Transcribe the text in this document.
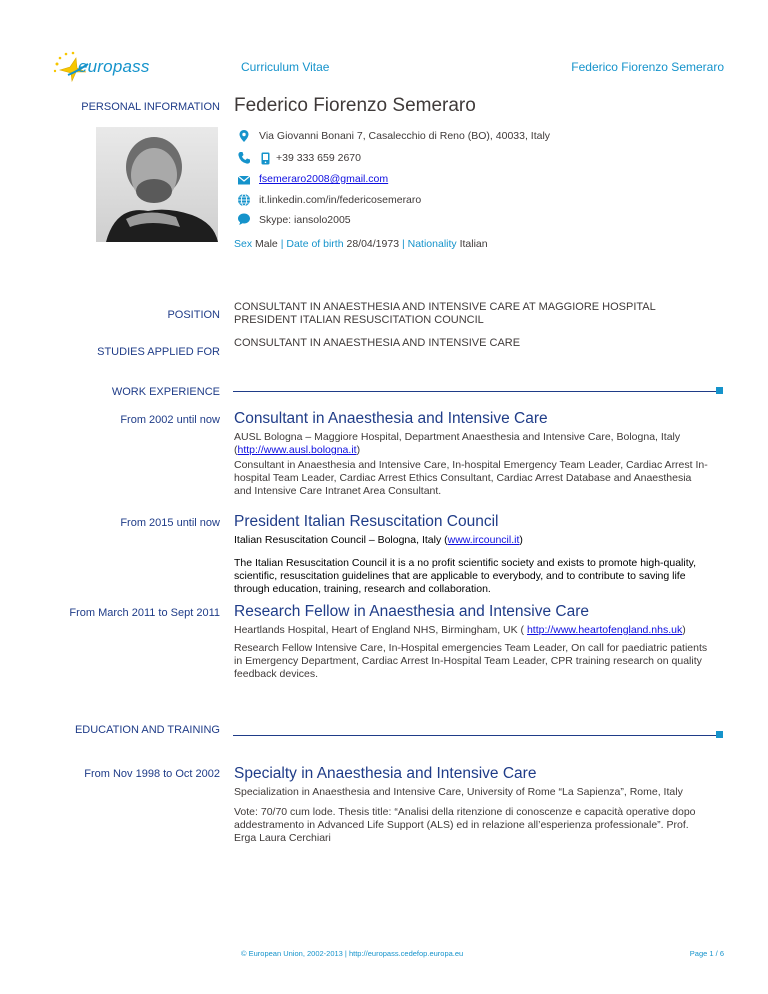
europass	Curriculum Vitae	Federico Fiorenzo Semeraro
PERSONAL INFORMATION Federico Fiorenzo Semeraro
Via Giovanni Bonani 7, Casalecchio di Reno (BO), 40033, Italy
+39 333 659 2670
fsemeraro2008@gmail.com
it.linkedin.com/in/federicosemeraro
Skype: iansolo2005
Sex Male | Date of birth 28/04/1973 | Nationality Italian
POSITION
CONSULTANT IN ANAESTHESIA AND INTENSIVE CARE AT MAGGIORE HOSPITAL
PRESIDENT ITALIAN RESUSCITATION COUNCIL
STUDIES APPLIED FOR
CONSULTANT IN ANAESTHESIA AND INTENSIVE CARE
WORK EXPERIENCE
From 2002 until now Consultant in Anaesthesia and Intensive Care
AUSL Bologna – Maggiore Hospital, Department Anaesthesia and Intensive Care, Bologna, Italy
(http://www.ausl.bologna.it)
Consultant in Anaesthesia and Intensive Care, In-hospital Emergency Team Leader, Cardiac Arrest In-
hospital Team Leader, Cardiac Arrest Ethics Consultant, Cardiac Arrest Database and Anaesthesia
and Intensive Care Intranet Area Consultant.
From 2015 until now President Italian Resuscitation Council
Italian Resuscitation Council – Bologna, Italy (www.ircouncil.it)
The Italian Resuscitation Council it is a no profit scientific society and exists to promote high-quality,
scientific, resuscitation guidelines that are applicable to everybody, and to contribute to saving life
through education, training, research and collaboration.
From March 2011 to Sept 2011 Research Fellow in Anaesthesia and Intensive Care
Heartlands Hospital, Heart of England NHS, Birmingham, UK ( http://www.heartofengland.nhs.uk)
Research Fellow Intensive Care, In-Hospital emergencies Team Leader, On call for paediatric patients
in Emergency Department, Cardiac Arrest In-Hospital Team Leader, CPR training research on quality
feedback devices.
EDUCATION AND TRAINING
From Nov 1998 to Oct 2002 Specialty in Anaesthesia and Intensive Care
Specialization in Anaesthesia and Intensive Care, University of Rome “La Sapienza”, Rome, Italy
Vote: 70/70 cum lode. Thesis title: “Analisi della ritenzione di conoscenze e capacità operative dopo
addestramento in Advanced Life Support (ALS) ed in relazione all’esperienza professionale”. Prof.
Erga Laura Cerchiari
© European Union, 2002-2013 | http://europass.cedefop.europa.eu	Page 1 / 6
